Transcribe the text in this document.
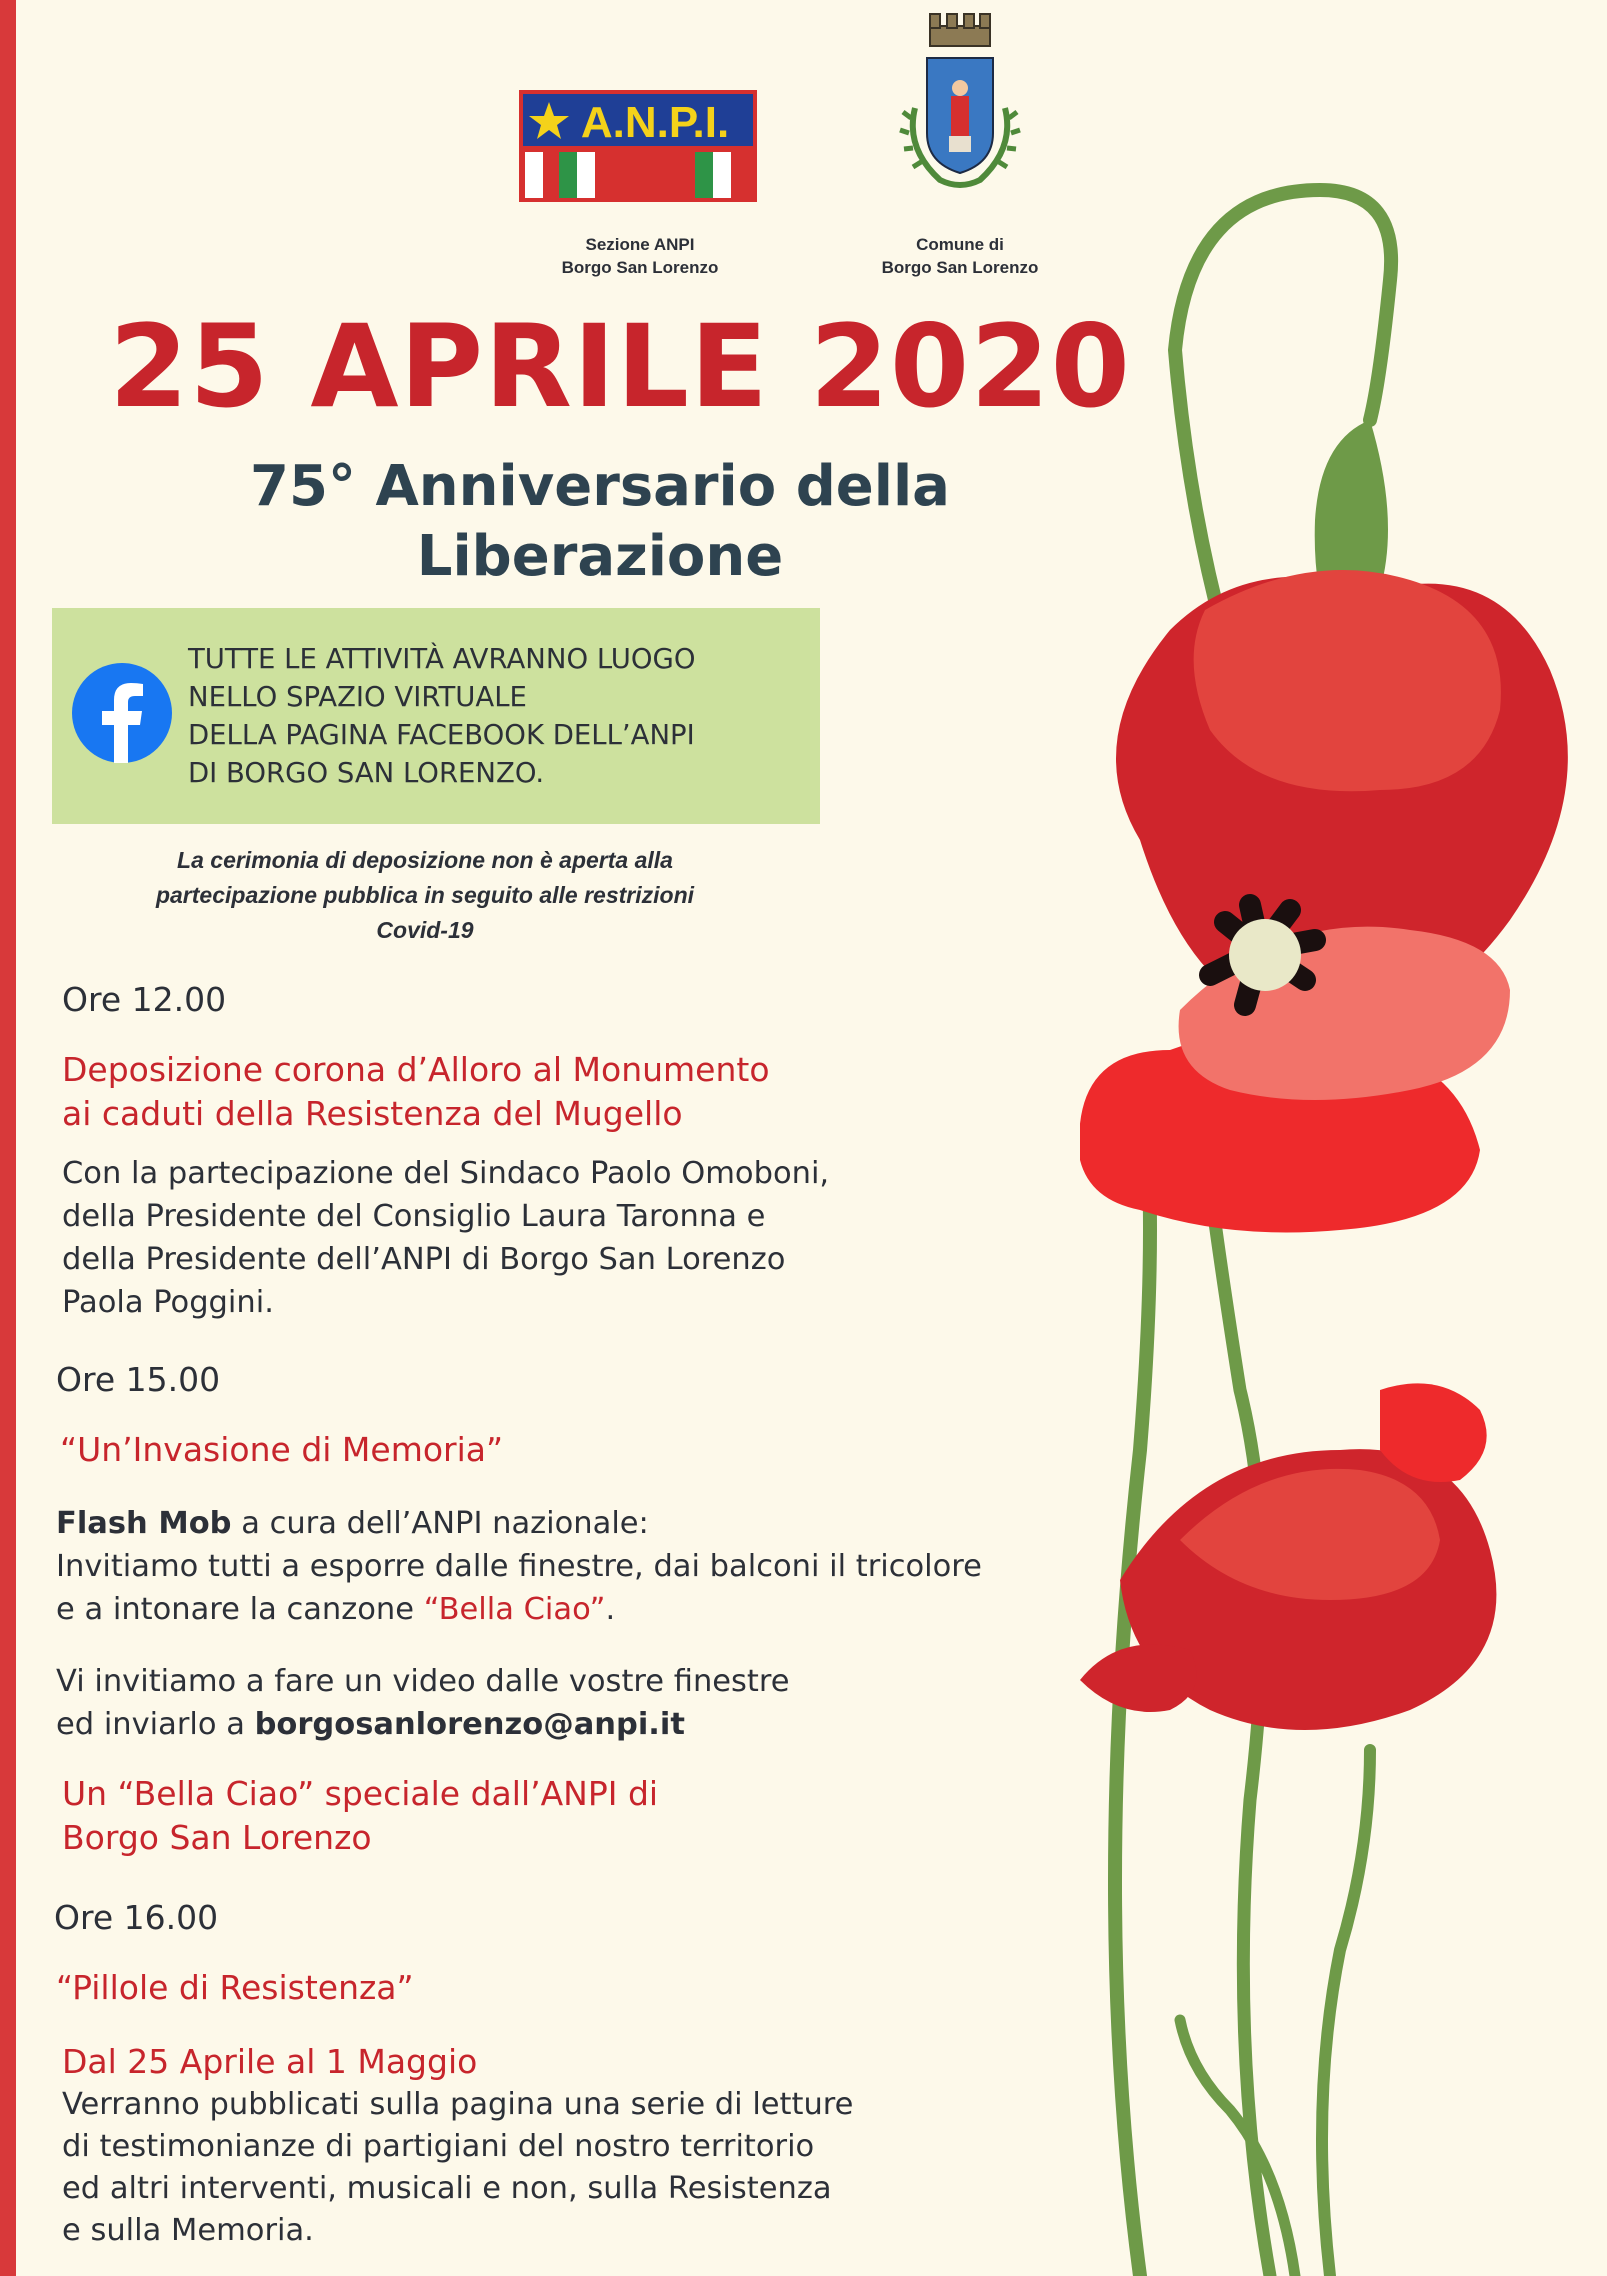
A.N.P.I.
Sezione ANPI
Borgo San Lorenzo
Comune di
Borgo San Lorenzo
25 APRILE 2020
75° Anniversario della
Liberazione
TUTTE LE ATTIVITÀ AVRANNO LUOGO
NELLO SPAZIO VIRTUALE
DELLA PAGINA FACEBOOK DELL’ANPI
DI BORGO SAN LORENZO.
La cerimonia di deposizione non è aperta alla
partecipazione pubblica in seguito alle restrizioni
Covid-19
Ore 12.00
Deposizione corona d’Alloro al Monumento
ai caduti della Resistenza del Mugello
Con la partecipazione del Sindaco Paolo Omoboni,
della Presidente del Consiglio Laura Taronna e
della Presidente dell’ANPI di Borgo San Lorenzo
Paola Poggini.
Ore 15.00
“Un’Invasione di Memoria”
Flash Mob a cura dell’ANPI nazionale:
Invitiamo tutti a esporre dalle finestre, dai balconi il tricolore
e a intonare la canzone “Bella Ciao”.
Vi invitiamo a fare un video dalle vostre finestre
ed inviarlo a borgosanlorenzo@anpi.it
Un “Bella Ciao” speciale dall’ANPI di
Borgo San Lorenzo
Ore 16.00
“Pillole di Resistenza”
Dal 25 Aprile al 1 Maggio
Verranno pubblicati sulla pagina una serie di letture
di testimonianze di partigiani del nostro territorio
ed altri interventi, musicali e non, sulla Resistenza
e sulla Memoria.
